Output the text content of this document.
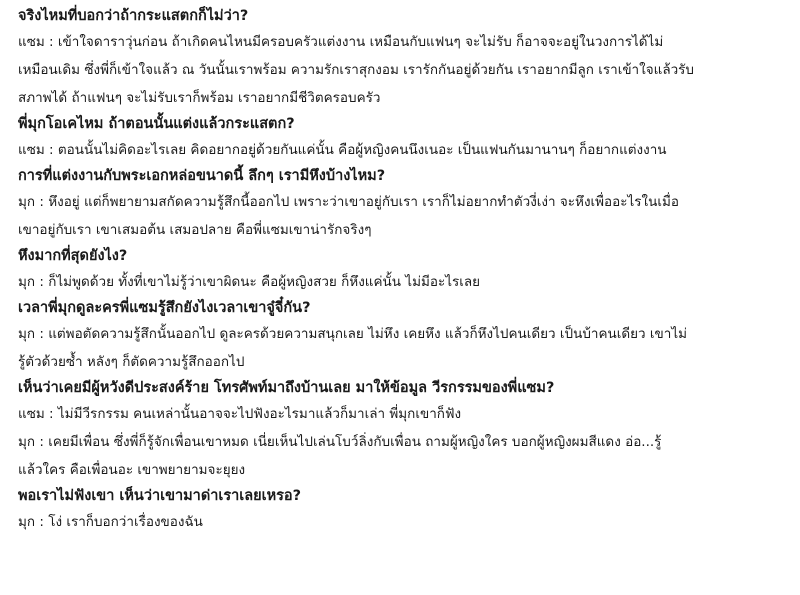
จริงไหมที่บอกว่าถ้ากระแสตกก็ไม่ว่า?

แซม : เข้าใจดาราวุ่นก่อน ถ้าเกิดคนไหนมีครอบครัวแต่งงาน เหมือนกับแฟนๆ จะไม่รับ ก็อาจจะอยู่ในวงการได้ไม่
เหมือนเดิม ซึ่งพี่ก็เข้าใจแล้ว ณ วันนั้นเราพร้อม ความรักเราสุกงอม เรารักกันอยู่ด้วยกัน เราอยากมีลูก เราเข้าใจแล้วรับ
สภาพได้ ถ้าแฟนๆ จะไม่รับเราก็พร้อม เราอยากมีชีวิตครอบครัว

พี่มุกโอเคไหม ถ้าตอนนั้นแต่งแล้วกระแสตก?

แซม : ตอนนั้นไม่คิดอะไรเลย คิดอยากอยู่ด้วยกันแค่นั้น คือผู้หญิงคนนึงเนอะ เป็นแฟนกันมานานๆ ก็อยากแต่งงาน

การที่แต่งงานกับพระเอกหล่อขนาดนี้ ลึกๆ เรามีหึงบ้างไหม?

มุก : หึงอยู่ แต่ก็พยายามสกัดความรู้สึกนี้ออกไป เพราะว่าเขาอยู่กับเรา เราก็ไม่อยากทำตัวงี่เง่า จะหึงเพื่ออะไรในเมื่อ
เขาอยู่กับเรา เขาเสมอต้น เสมอปลาย คือพี่แซมเขาน่ารักจริงๆ

หึงมากที่สุดยังไง?

มุก : ก็ไม่พูดด้วย ทั้งที่เขาไม่รู้ว่าเขาผิดนะ คือผู้หญิงสวย ก็หึงแค่นั้น ไม่มีอะไรเลย

เวลาพี่มุกดูละครพี่แซมรู้สึกยังไงเวลาเขาจู๋จี๋กัน?

มุก : แต่พอตัดความรู้สึกนั้นออกไป ดูละครด้วยความสนุกเลย ไม่หึง เคยหึง แล้วก็หึงไปคนเดียว เป็นบ้าคนเดียว เขาไม่
รู้ตัวด้วยซ้ำ หลังๆ ก็ตัดความรู้สึกออกไป

เห็นว่าเคยมีผู้หวังดีประสงค์ร้าย โทรศัพท์มาถึงบ้านเลย มาให้ข้อมูล วีรกรรมของพี่แซม?

แซม : ไม่มีวีรกรรม คนเหล่านั้นอาจจะไปฟังอะไรมาแล้วก็มาเล่า พี่มุกเขาก็ฟัง

มุก : เคยมีเพื่อน ซึ่งพี่ก็รู้จักเพื่อนเขาหมด เนี่ยเห็นไปเล่นโบว์ลิ่งกับเพื่อน ถามผู้หญิงใคร บอกผู้หญิงผมสีแดง อ่อ...รู้
แล้วใคร คือเพื่อนอะ เขาพยายามจะยุยง

พอเราไม่ฟังเขา เห็นว่าเขามาด่าเราเลยเหรอ?

มุก : โง่ เราก็บอกว่าเรื่องของฉัน
